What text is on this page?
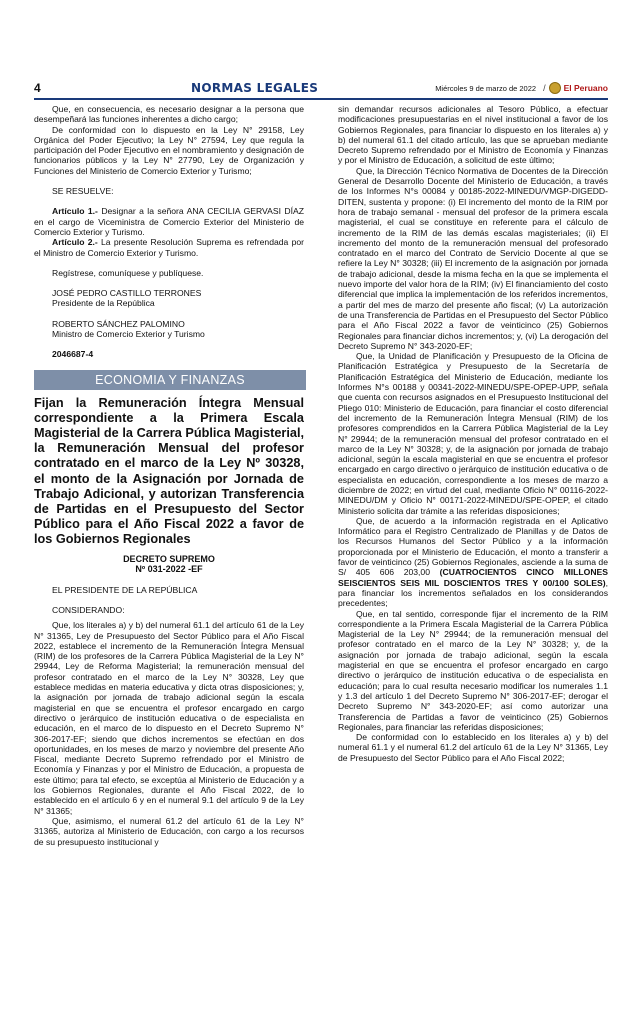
4	NORMAS LEGALES	Miércoles 9 de marzo de 2022 / El Peruano

Que, en consecuencia, es necesario designar a la persona que desempeñará las funciones inherentes a dicho cargo;

De conformidad con lo dispuesto en la Ley N° 29158, Ley Orgánica del Poder Ejecutivo; la Ley N° 27594, Ley que regula la participación del Poder Ejecutivo en el nombramiento y designación de funcionarios públicos y la Ley N° 27790, Ley de Organización y Funciones del Ministerio de Comercio Exterior y Turismo;

SE RESUELVE:

Artículo 1.- Designar a la señora ANA CECILIA GERVASI DÍAZ en el cargo de Viceministra de Comercio Exterior del Ministerio de Comercio Exterior y Turismo.

Artículo 2.- La presente Resolución Suprema es refrendada por el Ministro de Comercio Exterior y Turismo.

Regístrese, comuníquese y publíquese.

JOSÉ PEDRO CASTILLO TERRONES
Presidente de la República
ROBERTO SÁNCHEZ PALOMINO
Ministro de Comercio Exterior y Turismo
2046687-4
ECONOMIA Y FINANZAS
Fijan la Remuneración Íntegra Mensual correspondiente a la Primera Escala Magisterial de la Carrera Pública Magisterial, la Remuneración Mensual del profesor contratado en el marco de la Ley Nº 30328, el monto de la Asignación por Jornada de Trabajo Adicional, y autorizan Transferencia de Partidas en el Presupuesto del Sector Público para el Año Fiscal 2022 a favor de los Gobiernos Regionales
DECRETO SUPREMO
Nº 031-2022 -EF

EL PRESIDENTE DE LA REPÚBLICA

CONSIDERANDO:

Que, los literales a) y b) del numeral 61.1 del artículo 61 de la Ley N° 31365, Ley de Presupuesto del Sector Público para el Año Fiscal 2022, establece el incremento de la Remuneración Íntegra Mensual (RIM) de los profesores de la Carrera Pública Magisterial de la Ley N° 29944, Ley de Reforma Magisterial; la remuneración mensual del profesor contratado en el marco de la Ley N° 30328, Ley que establece medidas en materia educativa y dicta otras disposiciones; y, la asignación por jornada de trabajo adicional según la escala magisterial en que se encuentra el profesor encargado en cargo directivo o jerárquico de institución educativa o de especialista en educación, en el marco de lo dispuesto en el Decreto Supremo N° 306-2017-EF; siendo que dichos incrementos se efectúan en dos oportunidades, en los meses de marzo y noviembre del presente Año Fiscal, mediante Decreto Supremo refrendado por el Ministro de Economía y Finanzas y por el Ministro de Educación, a propuesta de este último; para tal efecto, se exceptúa al Ministerio de Educación y a los Gobiernos Regionales, durante el Año Fiscal 2022, de lo establecido en el artículo 6 y en el numeral 9.1 del artículo 9 de la Ley N° 31365;

Que, asimismo, el numeral 61.2 del artículo 61 de la Ley N° 31365, autoriza al Ministerio de Educación, con cargo a los recursos de su presupuesto institucional y

sin demandar recursos adicionales al Tesoro Público, a efectuar modificaciones presupuestarias en el nivel institucional a favor de los Gobiernos Regionales, para financiar lo dispuesto en los literales a) y b) del numeral 61.1 del citado artículo, las que se aprueban mediante Decreto Supremo refrendado por el Ministro de Economía y Finanzas y por el Ministro de Educación, a solicitud de este último;

Que, la Dirección Técnico Normativa de Docentes de la Dirección General de Desarrollo Docente del Ministerio de Educación, a través de los Informes N°s 00084 y 00185-2022-MINEDU/VMGP-DIGEDD-DITEN, sustenta y propone: (i) El incremento del monto de la RIM por hora de trabajo semanal - mensual del profesor de la primera escala magisterial, el cual se constituye en referente para el cálculo de incremento de la RIM de las demás escalas magisteriales; (ii) El incremento del monto de la remuneración mensual del profesorado contratado en el marco del Contrato de Servicio Docente al que se refiere la Ley N° 30328; (iii) El incremento de la asignación por jornada de trabajo adicional, desde la misma fecha en la que se implementa el nuevo importe del valor hora de la RIM; (iv) El financiamiento del costo diferencial que implica la implementación de los referidos incrementos, a partir del mes de marzo del presente año fiscal; (v) La autorización de una Transferencia de Partidas en el Presupuesto del Sector Público para el Año Fiscal 2022 a favor de veinticinco (25) Gobiernos Regionales para financiar dichos incrementos; y, (vi) La derogación del Decreto Supremo N° 343-2020-EF;

Que, la Unidad de Planificación y Presupuesto de la Oficina de Planificación Estratégica y Presupuesto de la Secretaría de Planificación Estratégica del Ministerio de Educación, mediante los Informes N°s 00188 y 00341-2022-MINEDU/SPE-OPEP-UPP, señala que cuenta con recursos asignados en el Presupuesto Institucional del Pliego 010: Ministerio de Educación, para financiar el costo diferencial del incremento de la Remuneración Íntegra Mensual (RIM) de los profesores comprendidos en la Carrera Pública Magisterial de la Ley N° 29944; de la remuneración mensual del profesor contratado en el marco de la Ley N° 30328; y, de la asignación por jornada de trabajo adicional, según la escala magisterial en que se encuentra el profesor encargado en cargo directivo o jerárquico de institución educativa o de especialista en educación, correspondiente a los meses de marzo a diciembre de 2022; en virtud del cual, mediante Oficio N° 00116-2022-MINEDU/DM y Oficio N° 00171-2022-MINEDU/SPE-OPEP, el citado Ministerio solicita dar trámite a las referidas disposiciones;

Que, de acuerdo a la información registrada en el Aplicativo Informático para el Registro Centralizado de Planillas y de Datos de los Recursos Humanos del Sector Público y a la información proporcionada por el Ministerio de Educación, el monto a transferir a favor de veinticinco (25) Gobiernos Regionales, asciende a la suma de S/ 405 606 203,00 (CUATROCIENTOS CINCO MILLONES SEISCIENTOS SEIS MIL DOSCIENTOS TRES Y 00/100 SOLES), para financiar los incrementos señalados en los considerandos precedentes;

Que, en tal sentido, corresponde fijar el incremento de la RIM correspondiente a la Primera Escala Magisterial de la Carrera Pública Magisterial de la Ley N° 29944; de la remuneración mensual del profesor contratado en el marco de la Ley N° 30328; y, de la asignación por jornada de trabajo adicional, según la escala magisterial en que se encuentra el profesor encargado en cargo directivo o jerárquico de institución educativa o de especialista en educación; para lo cual resulta necesario modificar los numerales 1.1 y 1.3 del artículo 1 del Decreto Supremo N° 306-2017-EF; derogar el Decreto Supremo N° 343-2020-EF; así como autorizar una Transferencia de Partidas a favor de veinticinco (25) Gobiernos Regionales, para financiar las referidas disposiciones;

De conformidad con lo establecido en los literales a) y b) del numeral 61.1 y el numeral 61.2 del artículo 61 de la Ley N° 31365, Ley de Presupuesto del Sector Público para el Año Fiscal 2022;
